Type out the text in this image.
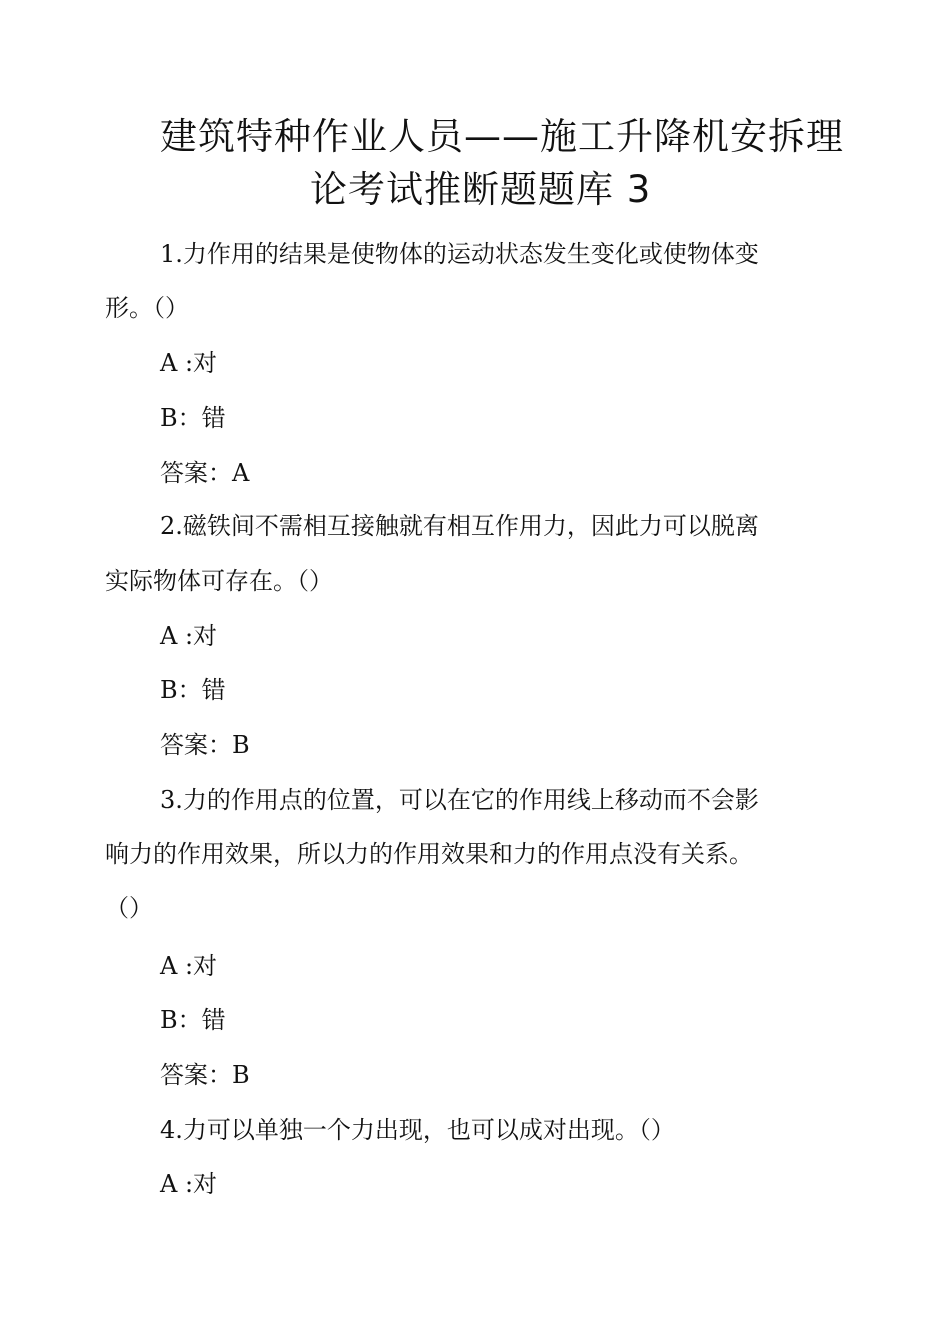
建筑特种作业人员——施工升降机安拆理
论考试推断题题库 3
1.力作用的结果是使物体的运动状态发生变化或使物体变
形。（）
A :对
B：错
答案：A
2.磁铁间不需相互接触就有相互作用力，因此力可以脱离
实际物体可存在。（）
A :对
B：错
答案：B
3.力的作用点的位置，可以在它的作用线上移动而不会影
响力的作用效果，所以力的作用效果和力的作用点没有关系。
（）
A :对
B：错
答案：B
4.力可以单独一个力出现，也可以成对出现。（）
A :对
